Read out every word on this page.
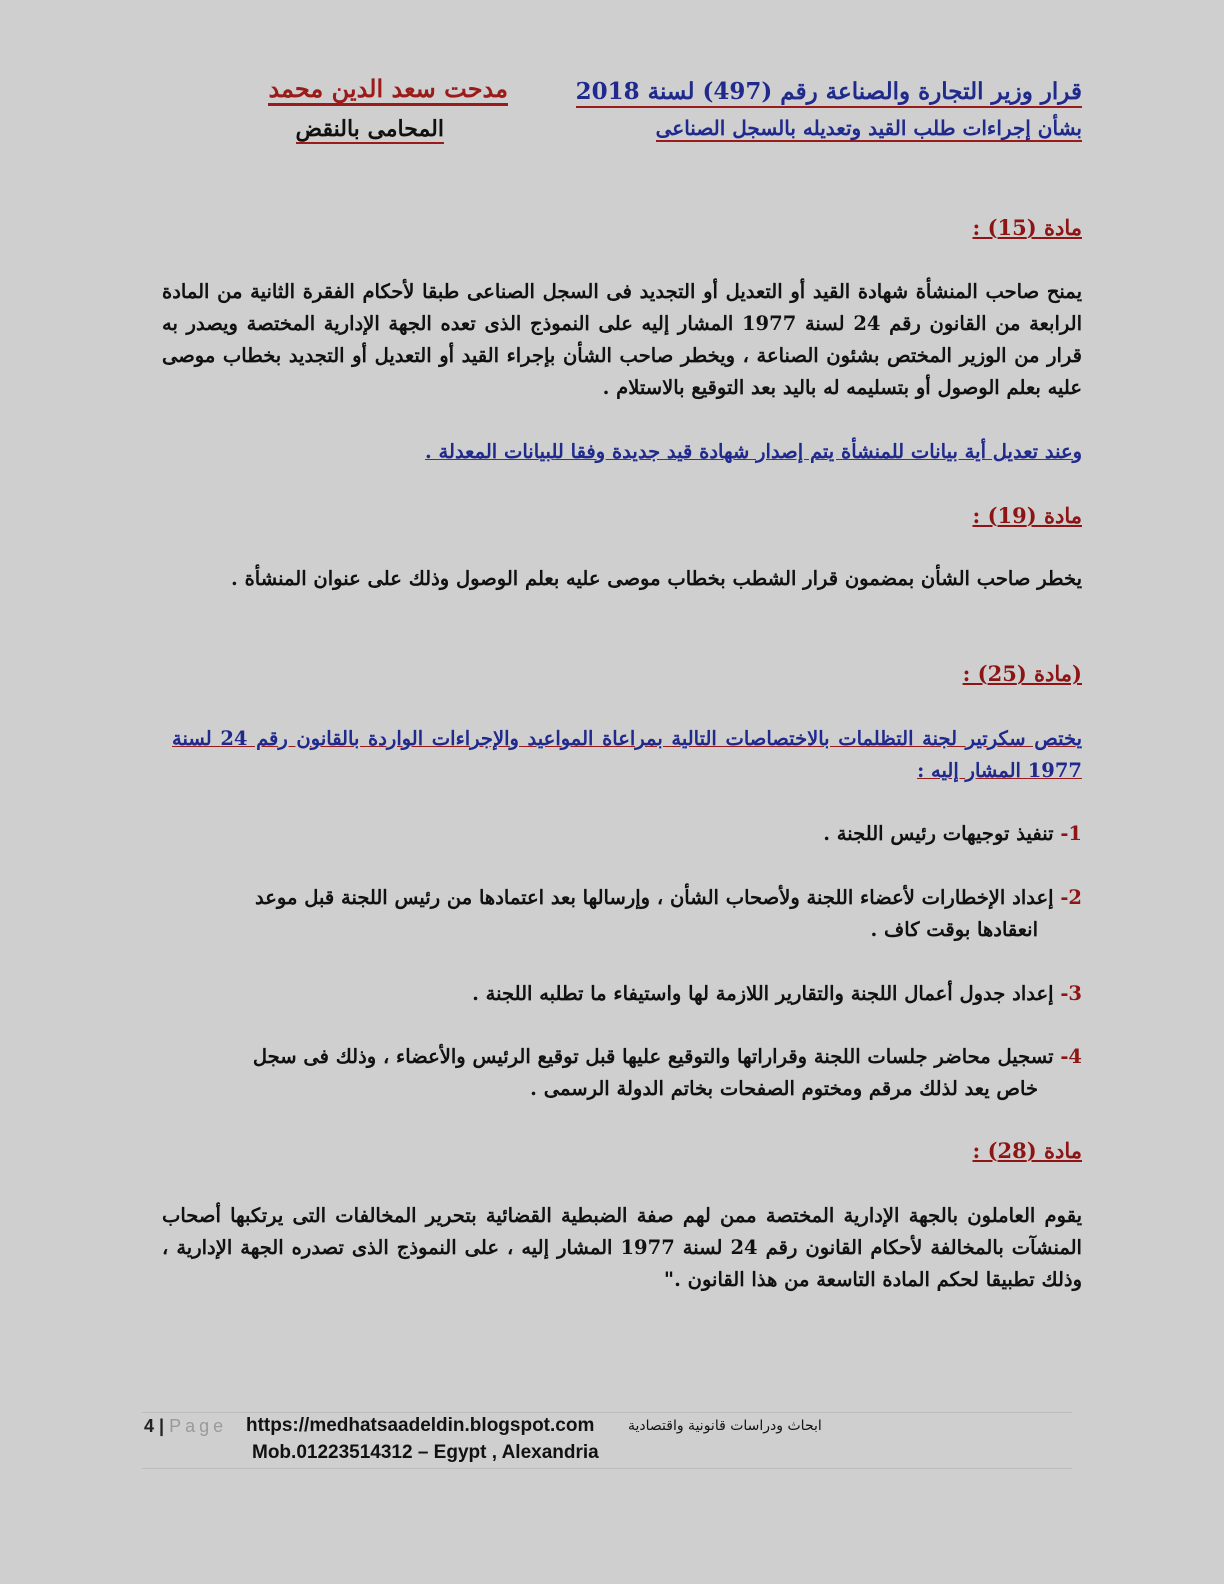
قرار وزير التجارة والصناعة رقم (497) لسنة 2018
بشأن إجراءات طلب القيد وتعديله بالسجل الصناعى
مدحت سعد الدين محمد
المحامى بالنقض
مادة (15) :
يمنح صاحب المنشأة شهادة القيد أو التعديل أو التجديد فى السجل الصناعى طبقا لأحكام الفقرة الثانية من المادة الرابعة من القانون رقم 24 لسنة 1977 المشار إليه على النموذج الذى تعده الجهة الإدارية المختصة ويصدر به قرار من الوزير المختص بشئون الصناعة ، ويخطر صاحب الشأن بإجراء القيد أو التعديل أو التجديد بخطاب موصى عليه بعلم الوصول أو بتسليمه له باليد بعد التوقيع بالاستلام .
وعند تعديل أية بيانات للمنشأة يتم إصدار شهادة قيد جديدة وفقا للبيانات المعدلة .
مادة (19) :
يخطر صاحب الشأن بمضمون قرار الشطب بخطاب موصى عليه بعلم الوصول وذلك على عنوان المنشأة .
(مادة (25) :
يختص سكرتير لجنة التظلمات بالاختصاصات التالية بمراعاة المواعيد والإجراءات الواردة بالقانون رقم 24 لسنة 1977 المشار إليه :
1- تنفيذ توجيهات رئيس اللجنة .
2- إعداد الإخطارات لأعضاء اللجنة ولأصحاب الشأن ، وإرسالها بعد اعتمادها من رئيس اللجنة قبل موعد
انعقادها بوقت كاف .
3- إعداد جدول أعمال اللجنة والتقارير اللازمة لها واستيفاء ما تطلبه اللجنة .
4- تسجيل محاضر جلسات اللجنة وقراراتها والتوقيع عليها قبل توقيع الرئيس والأعضاء ، وذلك فى سجل
خاص يعد لذلك مرقم ومختوم الصفحات بخاتم الدولة الرسمى .
مادة (28) :
يقوم العاملون بالجهة الإدارية المختصة ممن لهم صفة الضبطية القضائية بتحرير المخالفات التى يرتكبها أصحاب المنشآت بالمخالفة لأحكام القانون رقم 24 لسنة 1977 المشار إليه ، على النموذج الذى تصدره الجهة الإدارية ، وذلك تطبيقا لحكم المادة التاسعة من هذا القانون ."
4 | Page https://medhatsaadeldin.blogspot.com ابحاث ودراسات قانونية واقتصادية
Mob.01223514312 – Egypt , Alexandria
